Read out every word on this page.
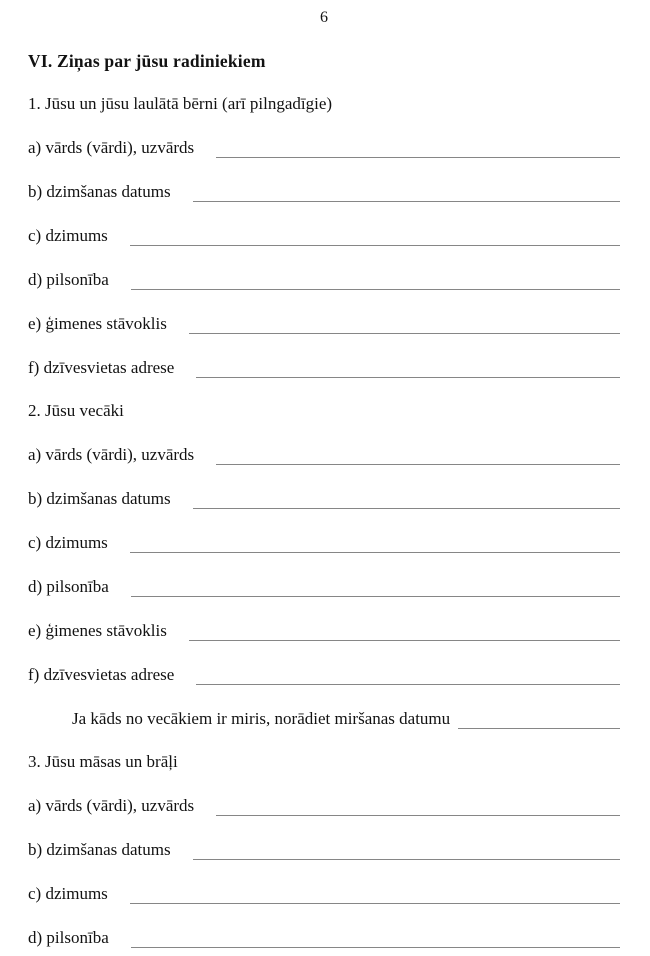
6
VI. Ziņas par jūsu radiniekiem
1. Jūsu un jūsu laulātā bērni (arī pilngadīgie)
a) vārds (vārdi), uzvārds
b) dzimšanas datums
c) dzimums
d) pilsonība
e) ģimenes stāvoklis
f) dzīvesvietas adrese
2. Jūsu vecāki
a) vārds (vārdi), uzvārds
b) dzimšanas datums
c) dzimums
d) pilsonība
e) ģimenes stāvoklis
f) dzīvesvietas adrese
Ja kāds no vecākiem ir miris, norādiet miršanas datumu
3. Jūsu māsas un brāļi
a) vārds (vārdi), uzvārds
b) dzimšanas datums
c) dzimums
d) pilsonība
